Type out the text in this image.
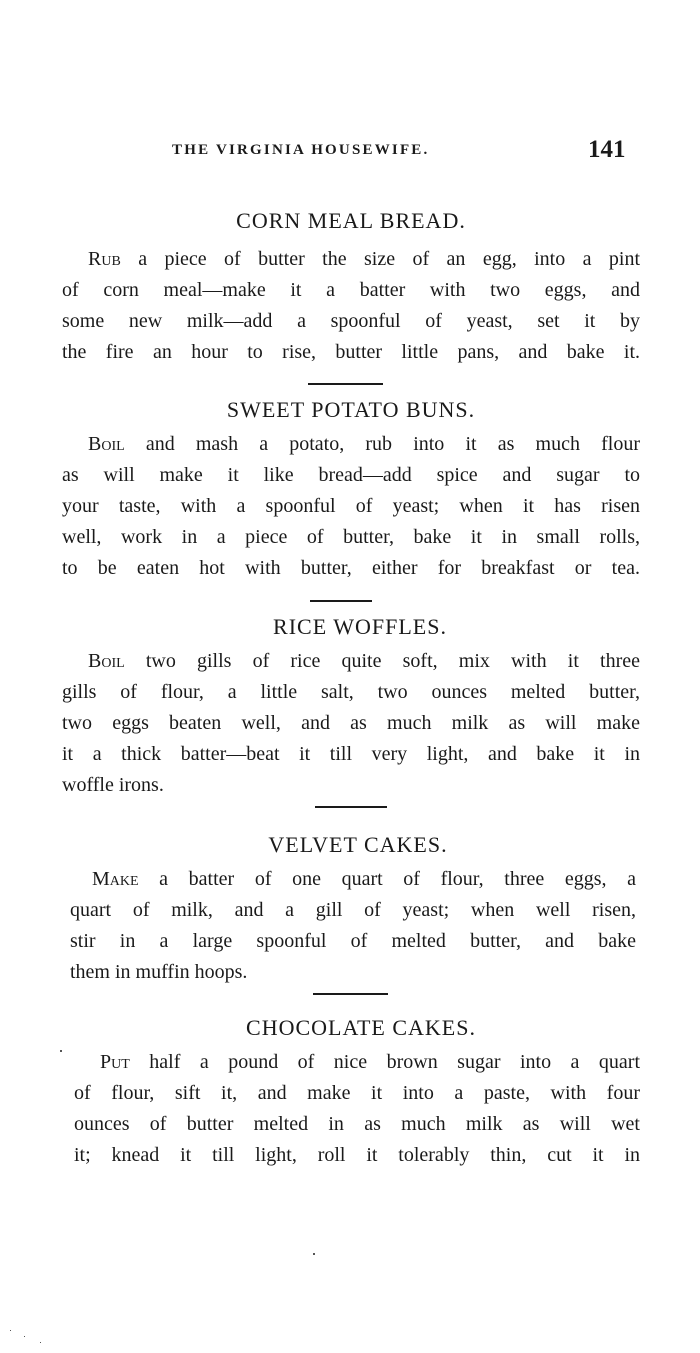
THE VIRGINIA HOUSEWIFE.	141
CORN MEAL BREAD.

Rub a piece of butter the size of an egg, into a pint

of corn meal—make it a batter with two eggs, and

some new milk—add a spoonful of yeast, set it by

the fire an hour to rise, butter little pans, and bake it.

SWEET POTATO BUNS.

Boil and mash a potato, rub into it as much flour

as will make it like bread—add spice and sugar to

your taste, with a spoonful of yeast; when it has risen

well, work in a piece of butter, bake it in small rolls,

to be eaten hot with butter, either for breakfast or tea.

RICE WOFFLES.

Boil two gills of rice quite soft, mix with it three

gills of flour, a little salt, two ounces melted butter,

two eggs beaten well, and as much milk as will make

it a thick batter—beat it till very light, and bake it in

woffle irons.

VELVET CAKES.

Make a batter of one quart of flour, three eggs, a

quart of milk, and a gill of yeast; when well risen,

stir in a large spoonful of melted butter, and bake

them in muffin hoops.

CHOCOLATE CAKES.

Put half a pound of nice brown sugar into a quart

of flour, sift it, and make it into a paste, with four

ounces of butter melted in as much milk as will wet

it; knead it till light, roll it tolerably thin, cut it in
